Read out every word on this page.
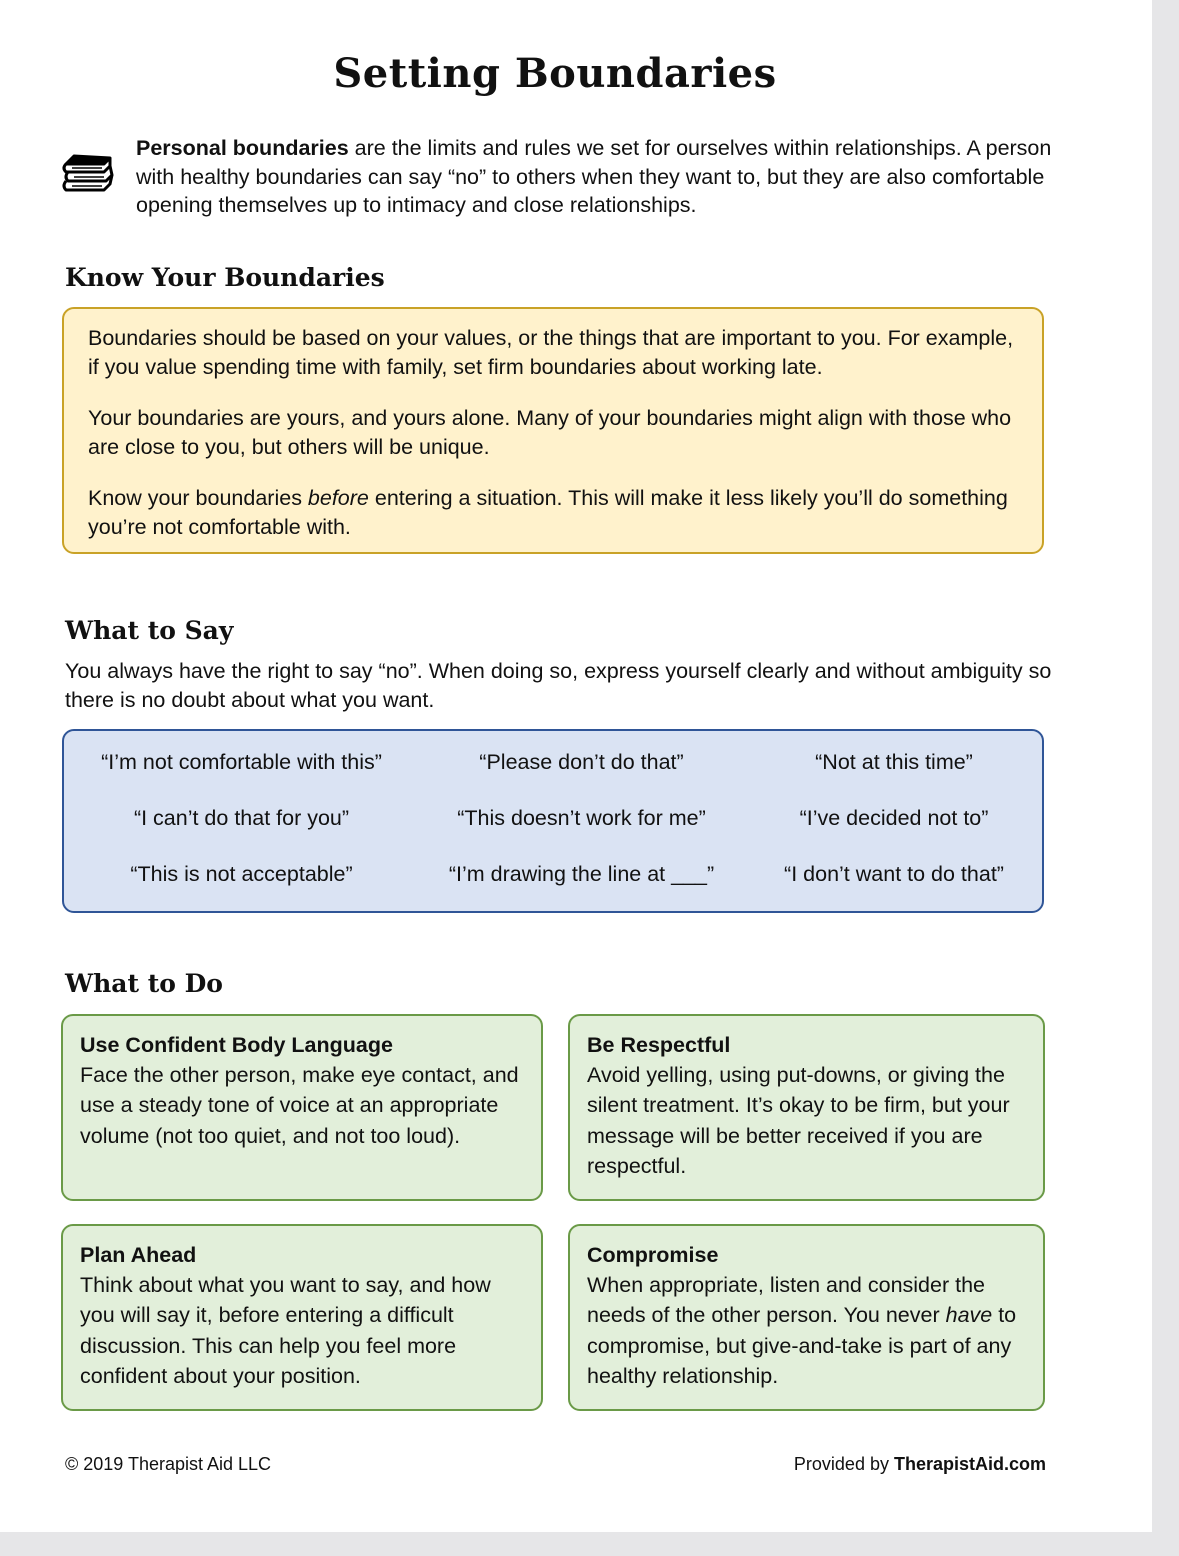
Setting Boundaries

Personal boundaries are the limits and rules we set for ourselves within relationships. A person with healthy boundaries can say “no” to others when they want to, but they are also comfortable opening themselves up to intimacy and close relationships.

Know Your Boundaries

Boundaries should be based on your values, or the things that are important to you. For example, if you value spending time with family, set firm boundaries about working late.

Your boundaries are yours, and yours alone. Many of your boundaries might align with those who are close to you, but others will be unique.

Know your boundaries before entering a situation. This will make it less likely you’ll do something you’re not comfortable with.

What to Say

You always have the right to say “no”. When doing so, express yourself clearly and without ambiguity so there is no doubt about what you want.

“I’m not comfortable with this”	“Please don’t do that”	“Not at this time”
“I can’t do that for you”	“This doesn’t work for me”	“I’ve decided not to”
“This is not acceptable”	“I’m drawing the line at ___”	“I don’t want to do that”
What to Do
Use Confident Body Language
Face the other person, make eye contact, and use a steady tone of voice at an appropriate volume (not too quiet, and not too loud).
Be Respectful
Avoid yelling, using put-downs, or giving the silent treatment. It’s okay to be firm, but your message will be better received if you are respectful.
Plan Ahead
Think about what you want to say, and how you will say it, before entering a difficult discussion. This can help you feel more confident about your position.
Compromise
When appropriate, listen and consider the needs of the other person. You never have to compromise, but give-and-take is part of any healthy relationship.
© 2019 Therapist Aid LLC	Provided by TherapistAid.com
